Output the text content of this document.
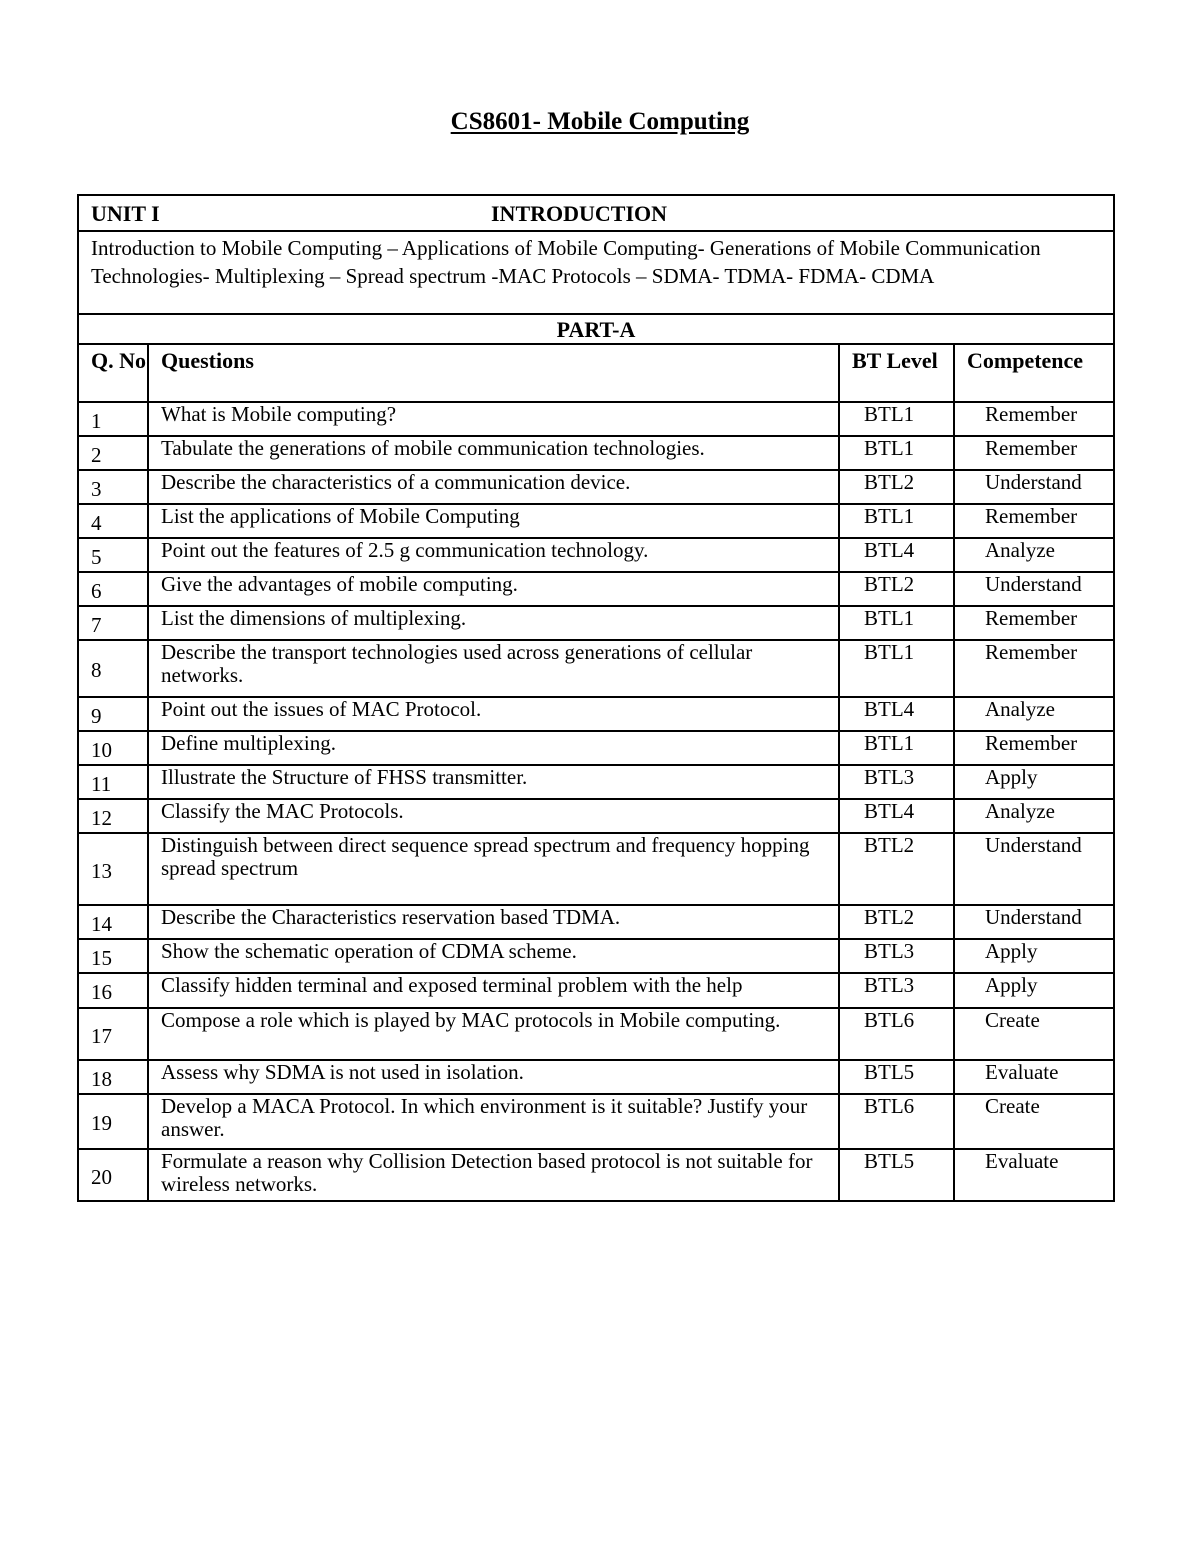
CS8601- Mobile Computing
UNIT I INTRODUCTION			
Introduction to Mobile Computing – Applications of Mobile Computing- Generations of Mobile Communication Technologies- Multiplexing – Spread spectrum -MAC Protocols – SDMA- TDMA- FDMA- CDMA			
PART-A			
Q. No	Questions	BT Level	Competence
1	What is Mobile computing?	BTL1	Remember
2	Tabulate the generations of mobile communication technologies.	BTL1	Remember
3	Describe the characteristics of a communication device.	BTL2	Understand
4	List the applications of Mobile Computing	BTL1	Remember
5	Point out the features of 2.5 g communication technology.	BTL4	Analyze
6	Give the advantages of mobile computing.	BTL2	Understand
7	List the dimensions of multiplexing.	BTL1	Remember
8	Describe the transport technologies used across generations of cellular networks.	BTL1	Remember
9	Point out the issues of MAC Protocol.	BTL4	Analyze
10	Define multiplexing.	BTL1	Remember
11	Illustrate the Structure of FHSS transmitter.	BTL3	Apply
12	Classify the MAC Protocols.	BTL4	Analyze
13	Distinguish between direct sequence spread spectrum and frequency hopping spread spectrum	BTL2	Understand
14	Describe the Characteristics reservation based TDMA.	BTL2	Understand
15	Show the schematic operation of CDMA scheme.	BTL3	Apply
16	Classify hidden terminal and exposed terminal problem with the help	BTL3	Apply
17	Compose a role which is played by MAC protocols in Mobile computing.	BTL6	Create
18	Assess why SDMA is not used in isolation.	BTL5	Evaluate
19	Develop a MACA Protocol. In which environment is it suitable? Justify your answer.	BTL6	Create
20	Formulate a reason why Collision Detection based protocol is not suitable for wireless networks.	BTL5	Evaluate
